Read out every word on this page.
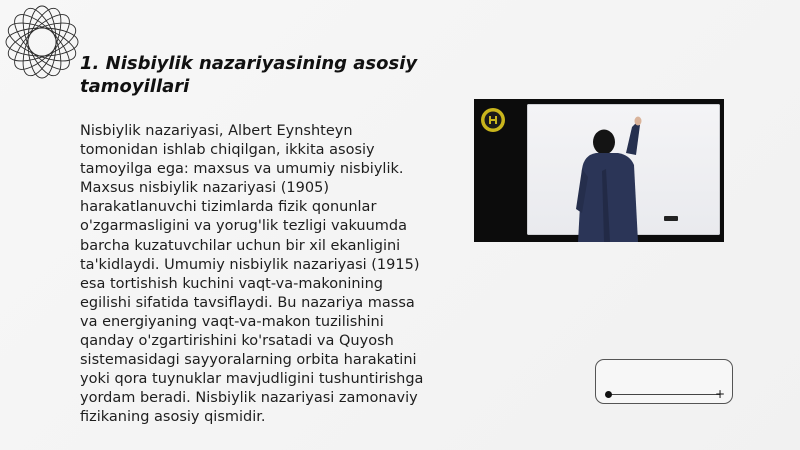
1. Nisbiylik nazariyasining asosiy tamoyillari

Nisbiylik nazariyasi, Albert Eynshteyn tomonidan ishlab chiqilgan, ikkita asosiy tamoyilga ega: maxsus va umumiy nisbiylik. Maxsus nisbiylik nazariyasi (1905) harakatlanuvchi tizimlarda fizik qonunlar o'zgarmasligini va yorug'lik tezligi vakuumda barcha kuzatuvchilar uchun bir xil ekanligini ta'kidlaydi. Umumiy nisbiylik nazariyasi (1915) esa tortishish kuchini vaqt-va-makonining egilishi sifatida tavsiflaydi. Bu nazariya massa va energiyaning vaqt-va-makon tuzilishini qanday o'zgartirishini ko'rsatadi va Quyosh sistemasidagi sayyoralarning orbita harakatini yoki qora tuynuklar mavjudligini tushuntirishga yordam beradi. Nisbiylik nazariyasi zamonaviy fizikaning asosiy qismidir.

+
